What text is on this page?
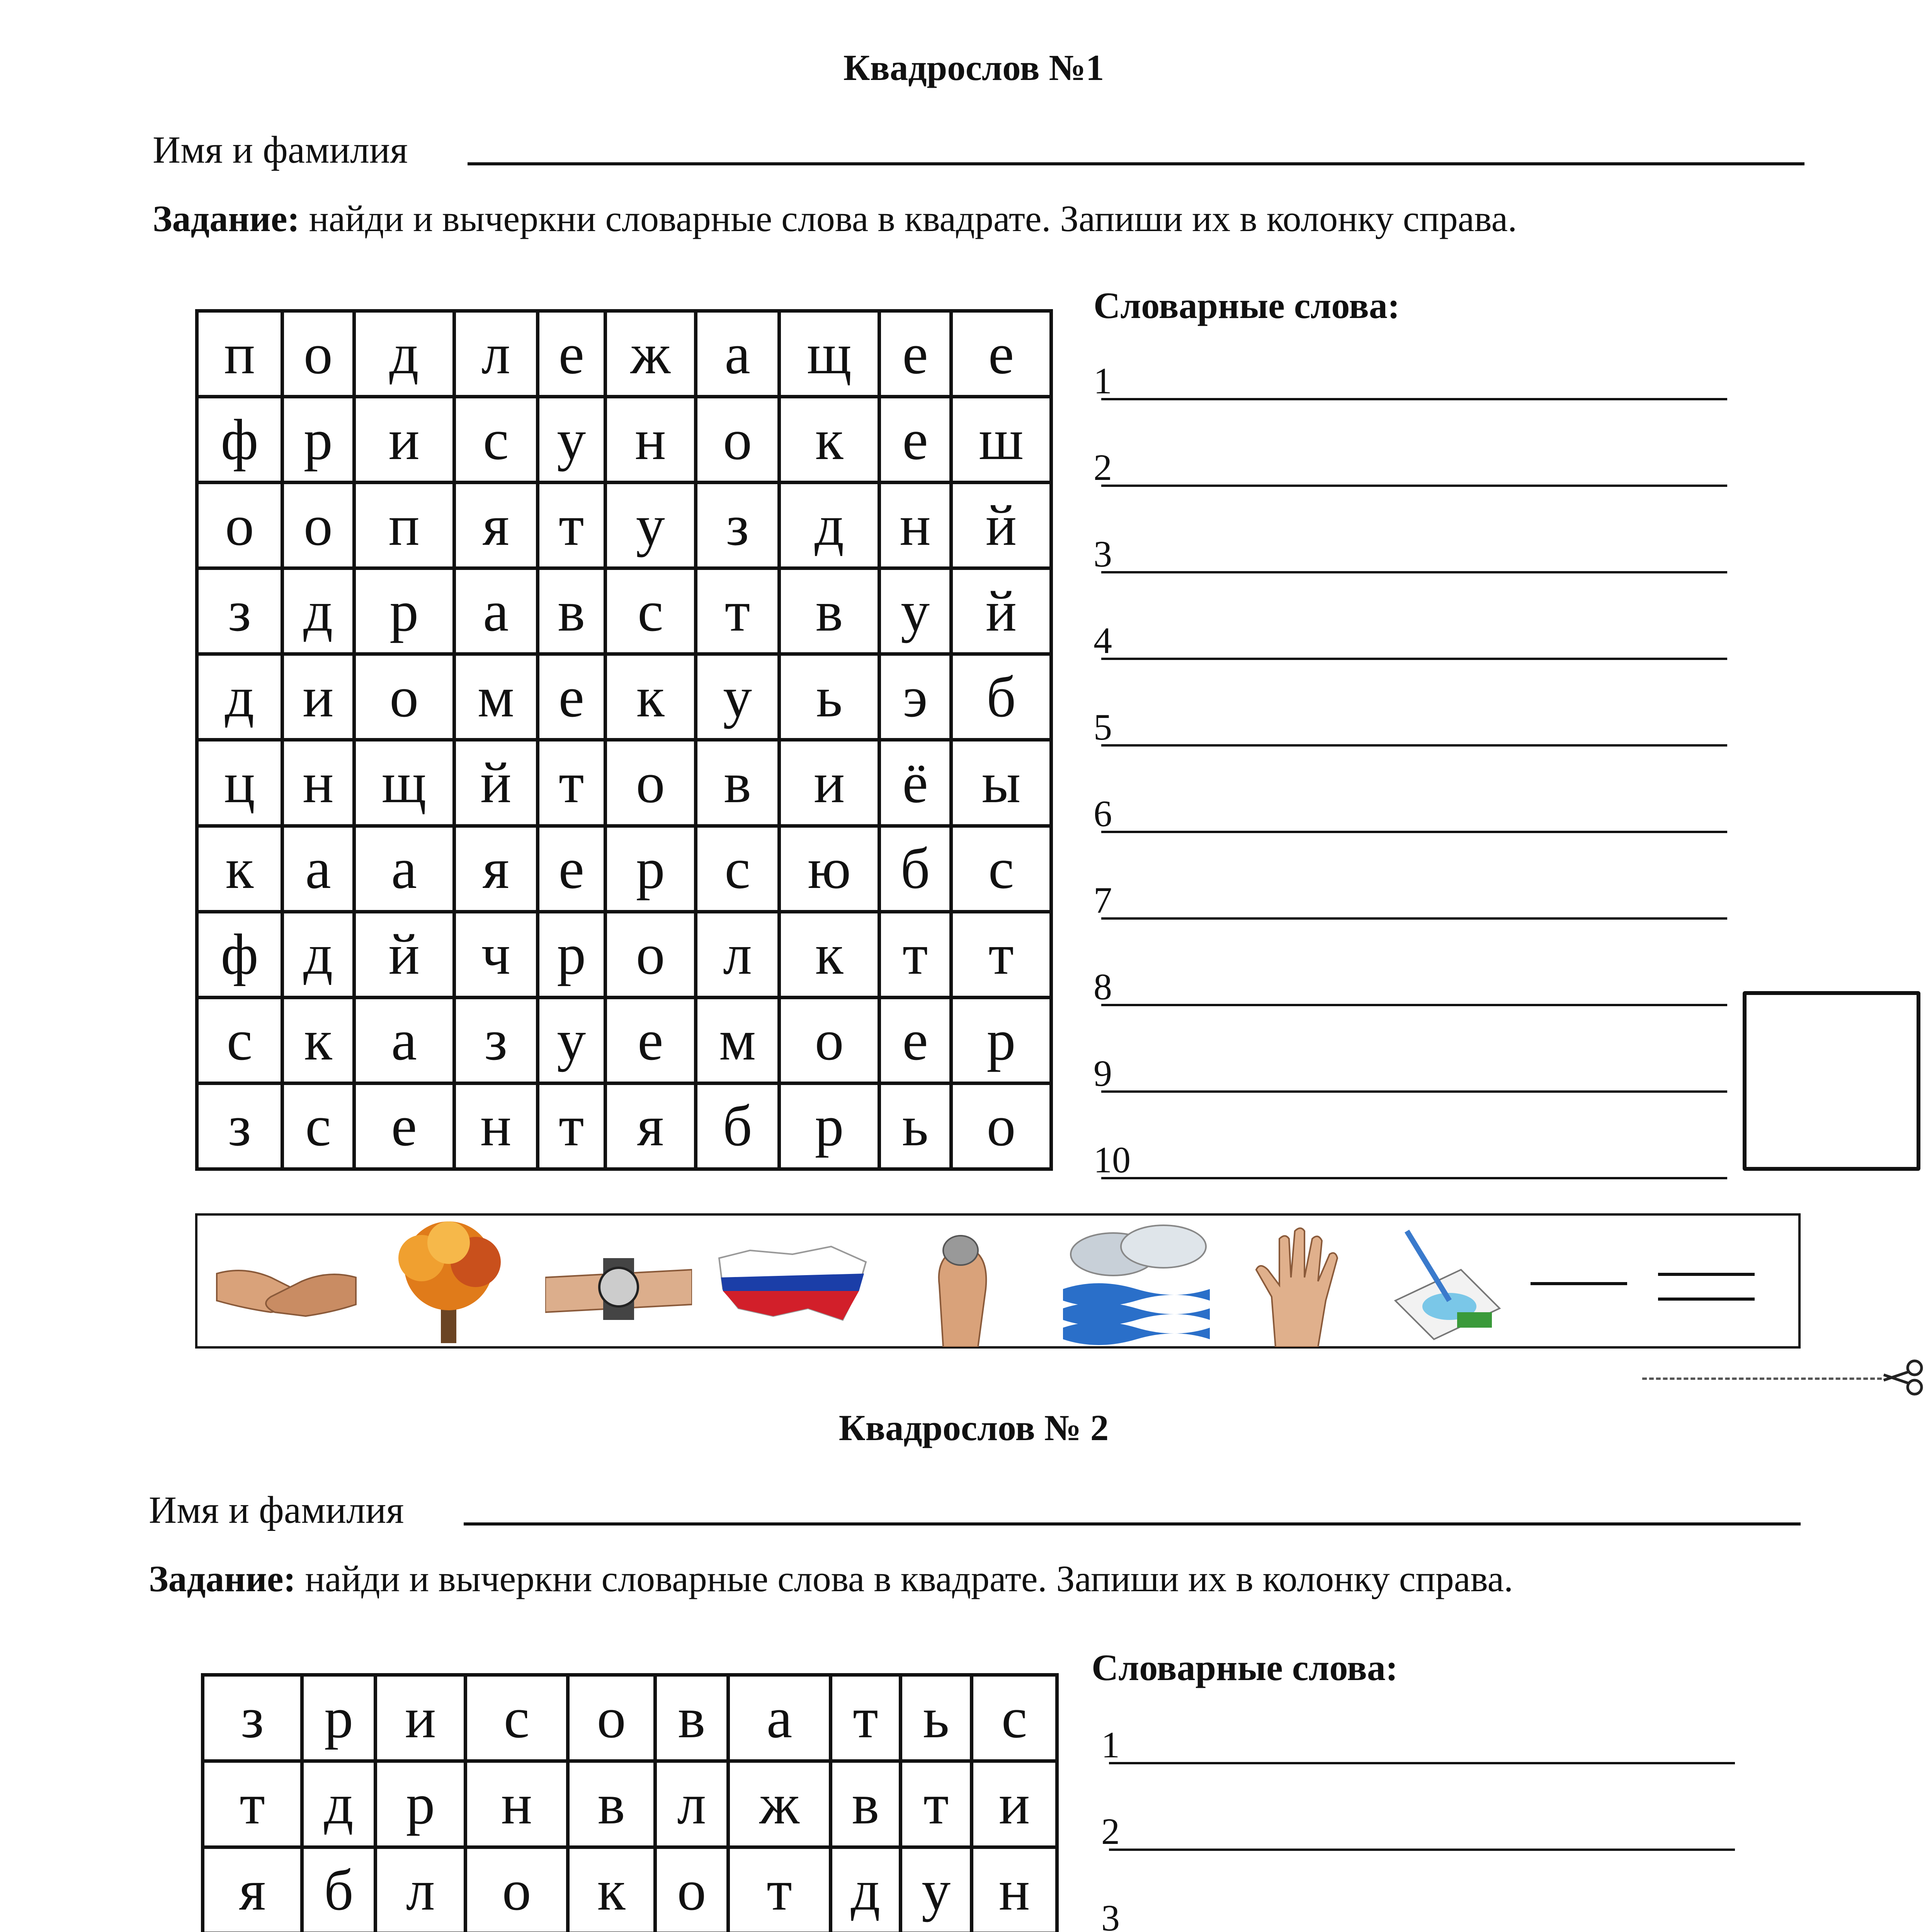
Квадрослов №1
Имя и фамилия
Задание: найди и вычеркни словарные слова в квадрате. Запиши их в колонку справа.
п	о	д	л	е	ж	а	щ	е	е
ф	р	и	с	у	н	о	к	е	ш
о	о	п	я	т	у	з	д	н	й
з	д	р	а	в	с	т	в	у	й
д	и	о	м	е	к	у	ь	э	б
ц	н	щ	й	т	о	в	и	ё	ы
к	а	а	я	е	р	с	ю	б	с
ф	д	й	ч	р	о	л	к	т	т
с	к	а	з	у	е	м	о	е	р
з	с	е	н	т	я	б	р	ь	о
Словарные слова:
1
2
3
4
5
6
7
8
9
10
Квадрослов № 2
Имя и фамилия
Задание: найди и вычеркни словарные слова в квадрате. Запиши их в колонку справа.
з	р	и	с	о	в	а	т	ь	с
т	д	р	н	в	л	ж	в	т	и
я	б	л	о	к	о	т	д	у	н

Словарные слова:
1
2
3
